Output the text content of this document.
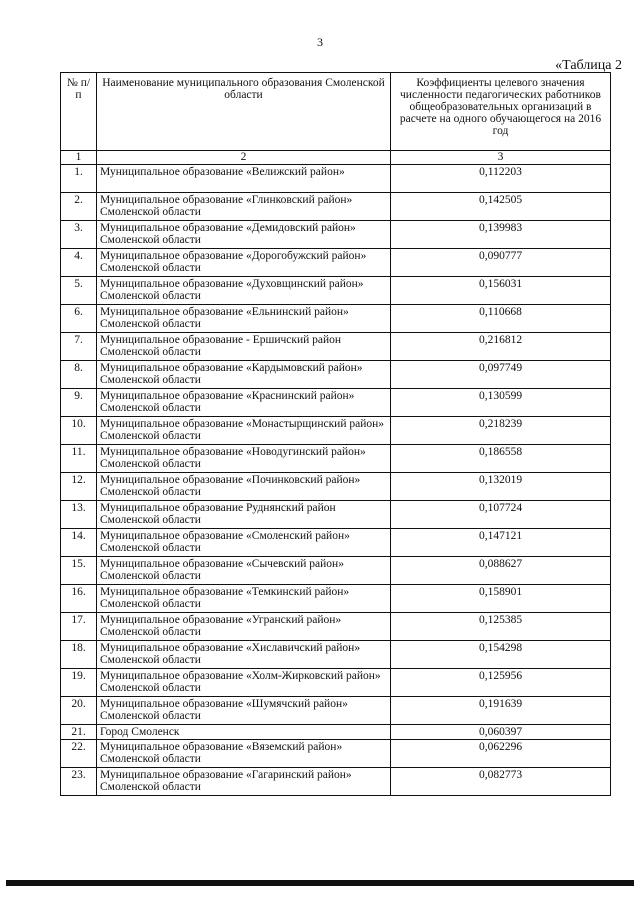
3
«Таблица 2
№ п/п	Наименование муниципального образования Смоленской области	Коэффициенты целевого значения численности педагогических работников общеобразовательных организаций в расчете на одного обучающегося на 2016 год
1	2	3
1.	Муниципальное образование «Велижский район»	0,112203
2.	Муниципальное образование «Глинковский район» Смоленской области	0,142505
3.	Муниципальное образование «Демидовский район» Смоленской области	0,139983
4.	Муниципальное образование «Дорогобужский район» Смоленской области	0,090777
5.	Муниципальное образование «Духовщинский район» Смоленской области	0,156031
6.	Муниципальное образование «Ельнинский район» Смоленской области	0,110668
7.	Муниципальное образование - Ершичский район Смоленской области	0,216812
8.	Муниципальное образование «Кардымовский район» Смоленской области	0,097749
9.	Муниципальное образование «Краснинский район» Смоленской области	0,130599
10.	Муниципальное образование «Монастырщинский район» Смоленской области	0,218239
11.	Муниципальное образование «Новодугинский район» Смоленской области	0,186558
12.	Муниципальное образование «Починковский район» Смоленской области	0,132019
13.	Муниципальное образование Руднянский район Смоленской области	0,107724
14.	Муниципальное образование «Смоленский район» Смоленской области	0,147121
15.	Муниципальное образование «Сычевский район» Смоленской области	0,088627
16.	Муниципальное образование «Темкинский район» Смоленской области	0,158901
17.	Муниципальное образование «Угранский район» Смоленской области	0,125385
18.	Муниципальное образование «Хиславичский район» Смоленской области	0,154298
19.	Муниципальное образование «Холм-Жирковский район» Смоленской области	0,125956
20.	Муниципальное образование «Шумячский район» Смоленской области	0,191639
21.	Город Смоленск	0,060397
22.	Муниципальное образование «Вяземский район» Смоленской области	0,062296
23.	Муниципальное образование «Гагаринский район» Смоленской области	0,082773
